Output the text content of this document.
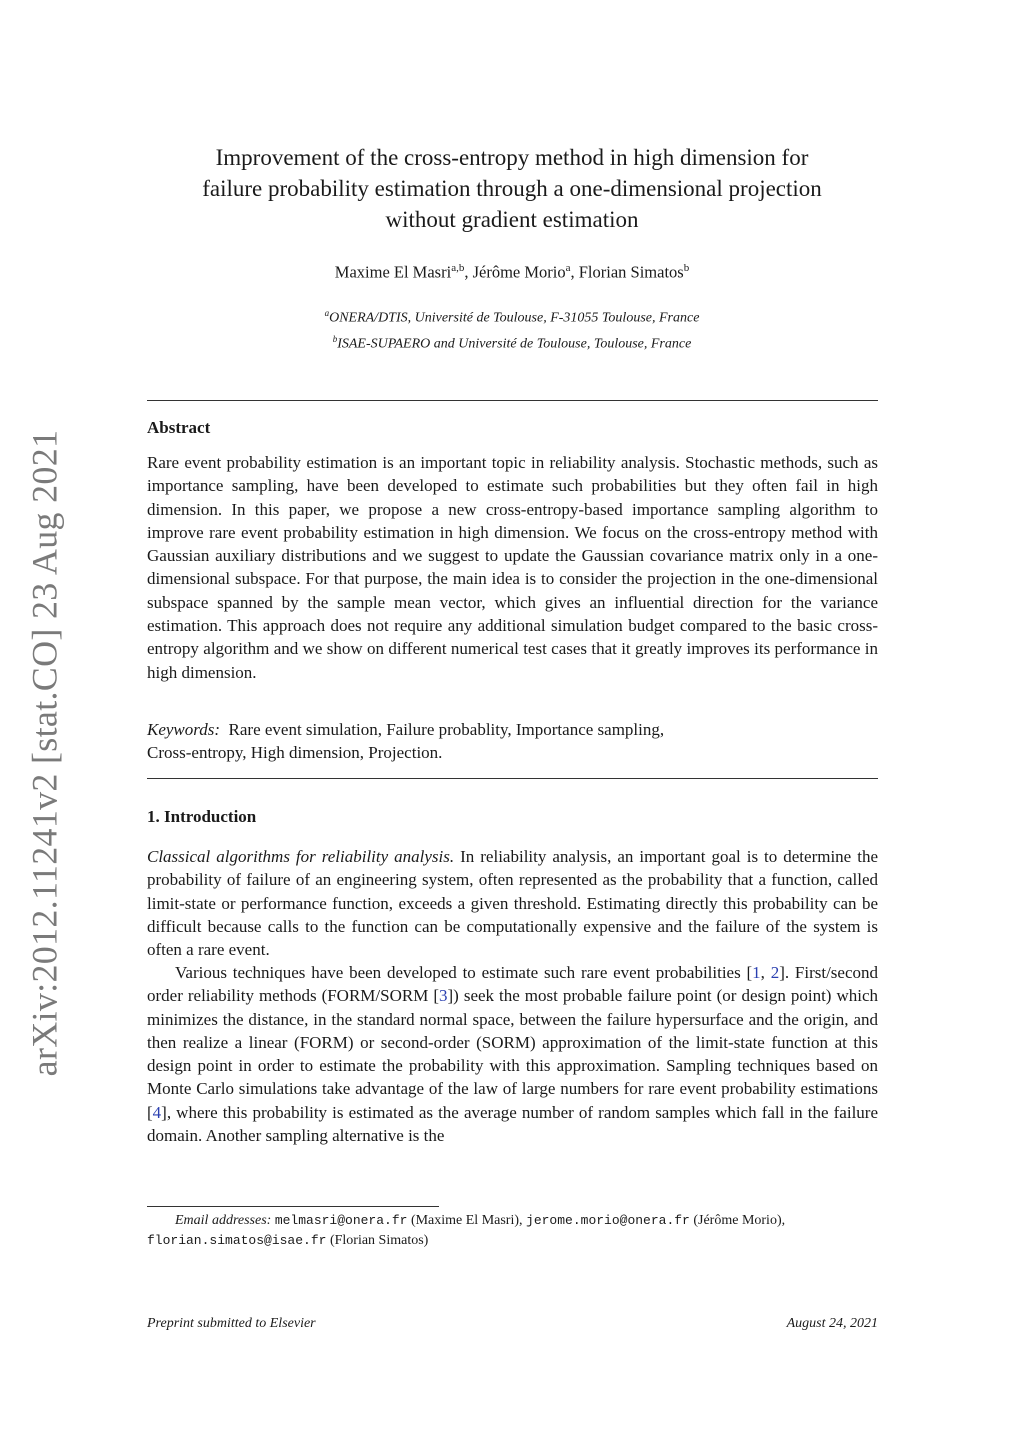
arXiv:2012.11241v2 [stat.CO] 23 Aug 2021
Improvement of the cross-entropy method in high dimension for
failure probability estimation through a one-dimensional projection
without gradient estimation
Maxime El Masri$^{a,b}$, Jérôme Morio$^a$, Florian Simatos$^b$
$^a$ONERA/DTIS, Université de Toulouse, F-31055 Toulouse, France
$^b$ISAE-SUPAERO and Université de Toulouse, Toulouse, France
Abstract

Rare event probability estimation is an important topic in reliability analysis. Stochastic methods, such as importance sampling, have been developed to estimate such probabilities but they often fail in high dimension. In this paper, we propose a new cross-entropy-based importance sampling algorithm to improve rare event probability estimation in high dimension. We focus on the cross-entropy method with Gaussian auxiliary distributions and we suggest to update the Gaussian covariance matrix only in a one-dimensional subspace. For that purpose, the main idea is to consider the projection in the one-dimensional subspace spanned by the sample mean vector, which gives an influential direction for the variance estimation. This approach does not require any additional simulation budget compared to the basic cross-entropy algorithm and we show on different numerical test cases that it greatly improves its performance in high dimension.

Keywords: Rare event simulation, Failure probablity, Importance sampling,
Cross-entropy, High dimension, Projection.
1. Introduction

Classical algorithms for reliability analysis. In reliability analysis, an important goal is to determine the probability of failure of an engineering system, often represented as the probability that a function, called limit-state or performance function, exceeds a given threshold. Estimating directly this probability can be difficult because calls to the function can be computationally expensive and the failure of the system is often a rare event.

Various techniques have been developed to estimate such rare event probabilities [1, 2]. First/second order reliability methods (FORM/SORM [3]) seek the most probable failure point (or design point) which minimizes the distance, in the standard normal space, between the failure hypersurface and the origin, and then realize a linear (FORM) or second-order (SORM) approximation of the limit-state function at this design point in order to estimate the probability with this approximation. Sampling techniques based on Monte Carlo simulations take advantage of the law of large numbers for rare event probability estimations [4], where this probability is estimated as the average number of random samples which fall in the failure domain. Another sampling alternative is the

Email addresses: melmasri@onera.fr (Maxime El Masri), jerome.morio@onera.fr (Jérôme Morio), florian.simatos@isae.fr (Florian Simatos)
Preprint submitted to Elsevier	August 24, 2021
